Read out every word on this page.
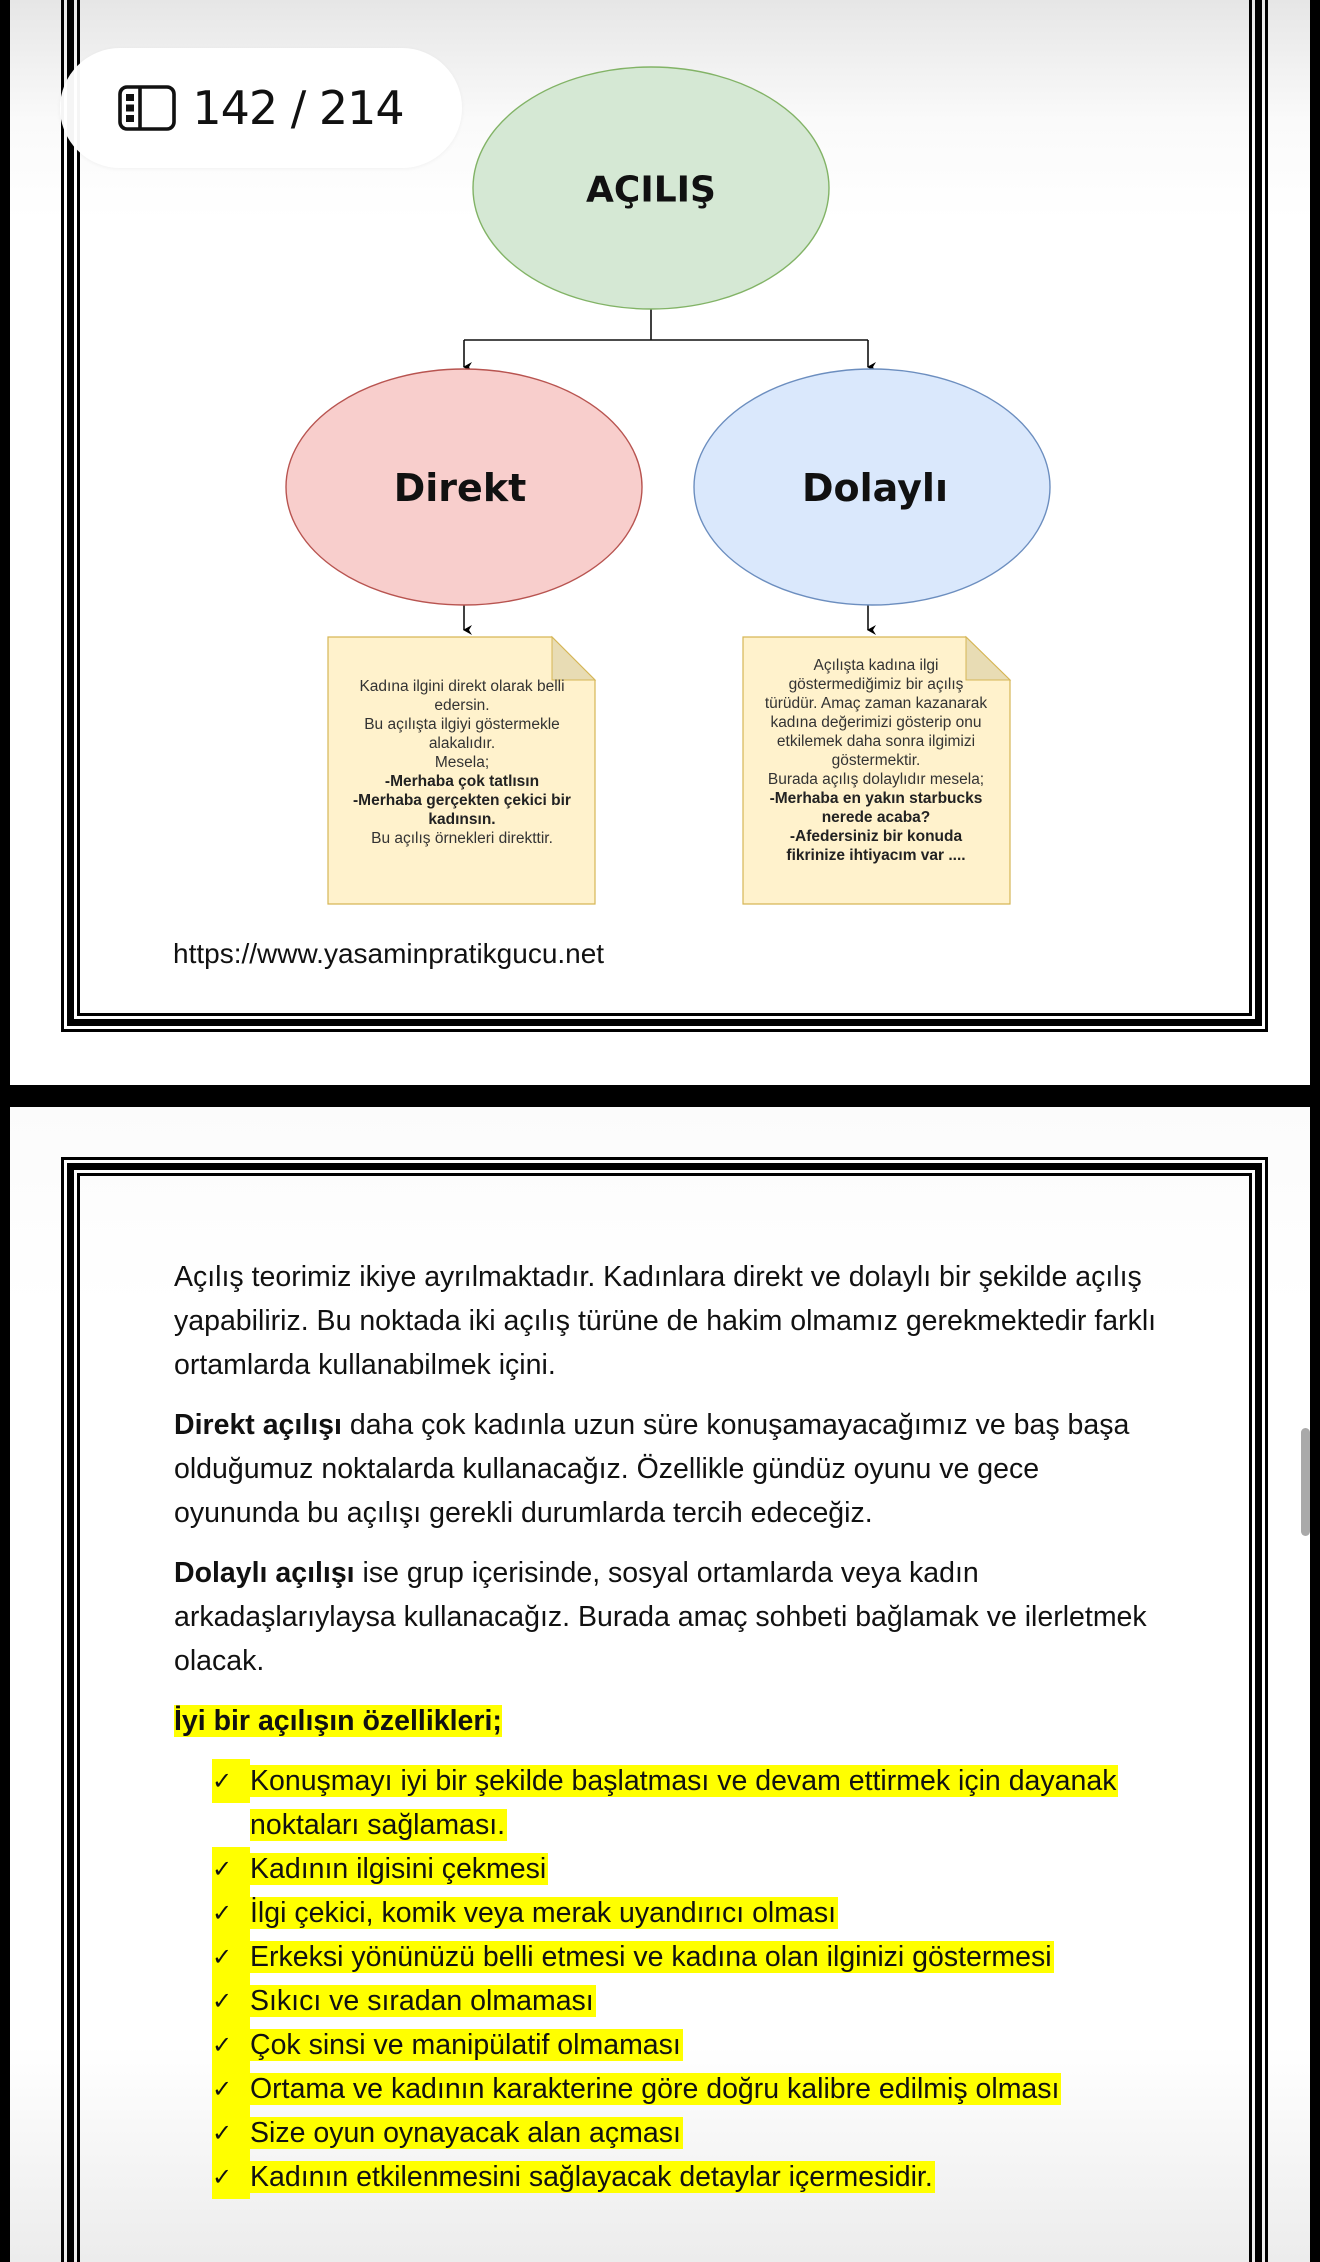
AÇILIŞ
Direkt	Dolaylı

Kadına ilgini direkt olarak belli

edersin.

Bu açılışta ilgiyi göstermekle

alakalıdır.

Mesela;

-Merhaba çok tatlısın

-Merhaba gerçekten çekici bir

kadınsın.

Bu açılış örnekleri direkttir.

Açılışta kadına ilgi

göstermediğimiz bir açılış

türüdür. Amaç zaman kazanarak

kadına değerimizi gösterip onu

etkilemek daha sonra ilgimizi

göstermektir.

Burada açılış dolaylıdır mesela;

-Merhaba en yakın starbucks

nerede acaba?

-Afedersiniz bir konuda

fikrinize ihtiyacım var ....

https://www.yasaminpratikgucu.net

Açılış teorimiz ikiye ayrılmaktadır. Kadınlara direkt ve dolaylı bir şekilde açılış yapabiliriz. Bu noktada iki açılış türüne de hakim olmamız gerekmektedir farklı ortamlarda kullanabilmek içini.

Direkt açılışı daha çok kadınla uzun süre konuşamayacağımız ve baş başa olduğumuz noktalarda kullanacağız. Özellikle gündüz oyunu ve gece oyununda bu açılışı gerekli durumlarda tercih edeceğiz.

Dolaylı açılışı ise grup içerisinde, sosyal ortamlarda veya kadın arkadaşlarıylaysa kullanacağız. Burada amaç sohbeti bağlamak ve ilerletmek olacak.

İyi bir açılışın özellikleri;

✓ Konuşmayı iyi bir şekilde başlatması ve devam ettirmek için dayanak noktaları sağlaması.
✓ Kadının ilgisini çekmesi
✓ İlgi çekici, komik veya merak uyandırıcı olması
✓ Erkeksi yönünüzü belli etmesi ve kadına olan ilginizi göstermesi
✓ Sıkıcı ve sıradan olmaması
✓ Çok sinsi ve manipülatif olmaması
✓ Ortama ve kadının karakterine göre doğru kalibre edilmiş olması
✓ Size oyun oynayacak alan açması
✓ Kadının etkilenmesini sağlayacak detaylar içermesidir.
142 / 214
